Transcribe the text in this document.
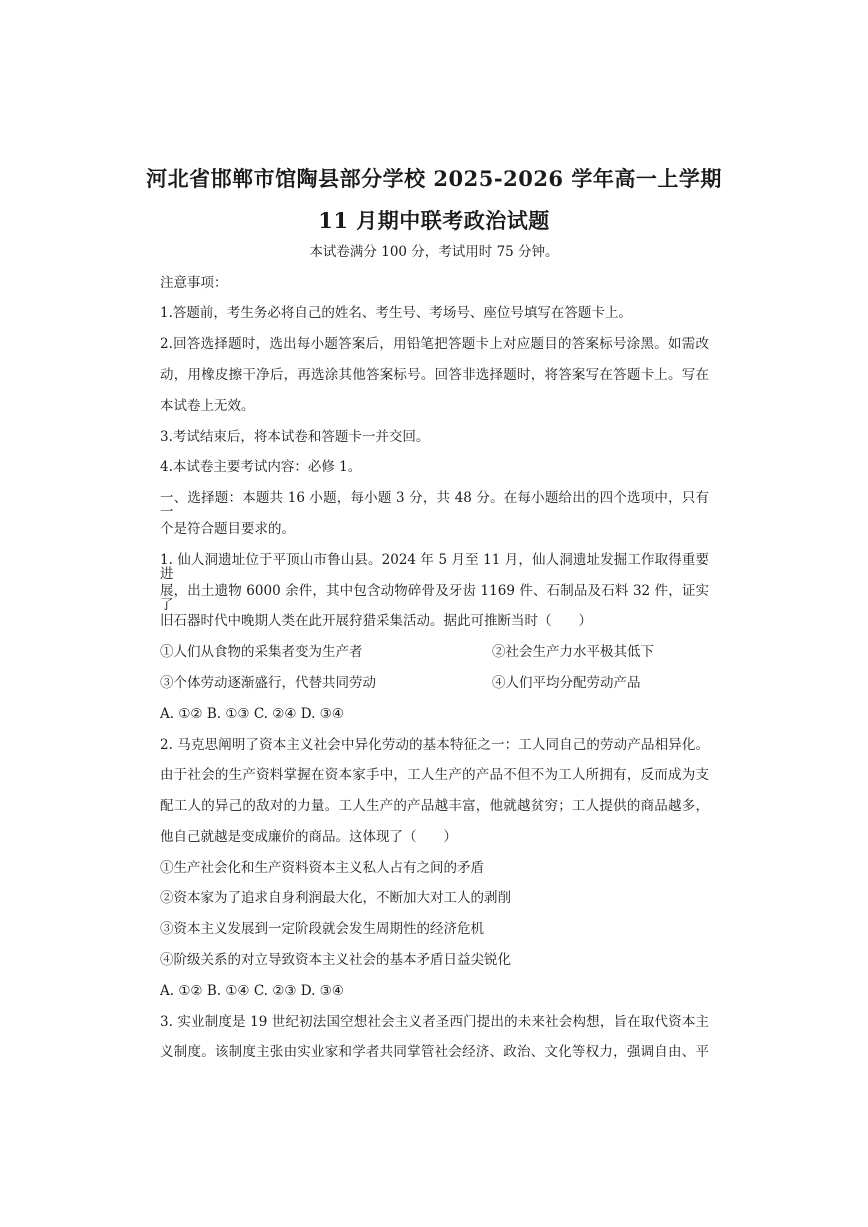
河北省邯郸市馆陶县部分学校 2025-2026 学年高一上学期
11 月期中联考政治试题
本试卷满分 100 分，考试用时 75 分钟。
注意事项：
1.答题前，考生务必将自己的姓名、考生号、考场号、座位号填写在答题卡上。
2.回答选择题时，选出每小题答案后，用铅笔把答题卡上对应题目的答案标号涂黑。如需改
动，用橡皮擦干净后，再选涂其他答案标号。回答非选择题时，将答案写在答题卡上。写在
本试卷上无效。
3.考试结束后，将本试卷和答题卡一并交回。
4.本试卷主要考试内容：必修 1。
一、选择题：本题共 16 小题，每小题 3 分，共 48 分。在每小题给出的四个选项中，只有一
个是符合题目要求的。
1. 仙人洞遗址位于平顶山市鲁山县。2024 年 5 月至 11 月，仙人洞遗址发掘工作取得重要进
展，出土遗物 6000 余件，其中包含动物碎骨及牙齿 1169 件、石制品及石料 32 件，证实了
旧石器时代中晚期人类在此开展狩猎采集活动。据此可推断当时（　　）
①人们从食物的采集者变为生产者	②社会生产力水平极其低下
③个体劳动逐渐盛行，代替共同劳动	④人们平均分配劳动产品
A. ①② B. ①③ C. ②④ D. ③④
2. 马克思阐明了资本主义社会中异化劳动的基本特征之一：工人同自己的劳动产品相异化。
由于社会的生产资料掌握在资本家手中，工人生产的产品不但不为工人所拥有，反而成为支
配工人的异己的敌对的力量。工人生产的产品越丰富，他就越贫穷；工人提供的商品越多，
他自己就越是变成廉价的商品。这体现了（　　）
①生产社会化和生产资料资本主义私人占有之间的矛盾
②资本家为了追求自身利润最大化，不断加大对工人的剥削
③资本主义发展到一定阶段就会发生周期性的经济危机
④阶级关系的对立导致资本主义社会的基本矛盾日益尖锐化
A. ①② B. ①④ C. ②③ D. ③④
3. 实业制度是 19 世纪初法国空想社会主义者圣西门提出的未来社会构想，旨在取代资本主
义制度。该制度主张由实业家和学者共同掌管社会经济、政治、文化等权力，强调自由、平
